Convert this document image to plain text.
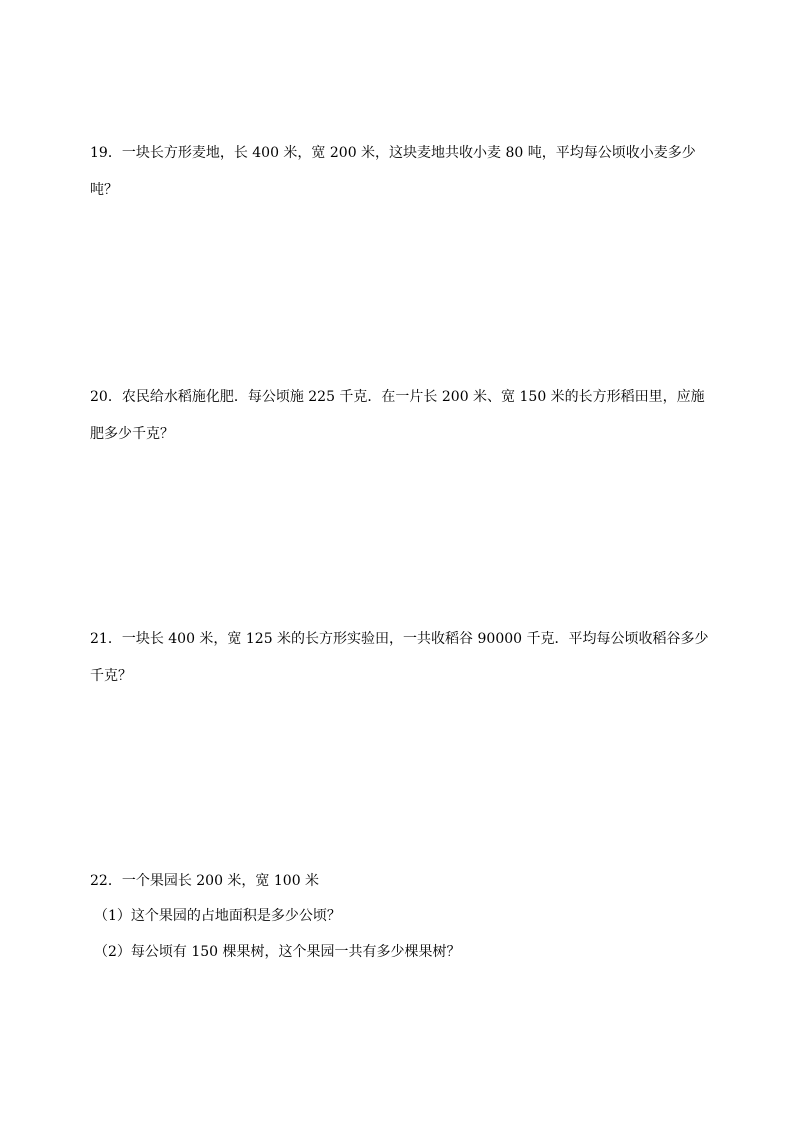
19．一块长方形麦地，长 400 米，宽 200 米，这块麦地共收小麦 80 吨，平均每公顷收小麦多少
吨？
20．农民给水稻施化肥．每公顷施 225 千克．在一片长 200 米、宽 150 米的长方形稻田里，应施
肥多少千克？
21．一块长 400 米，宽 125 米的长方形实验田，一共收稻谷 90000 千克．平均每公顷收稻谷多少
千克？
22．一个果园长 200 米，宽 100 米
（1）这个果园的占地面积是多少公顷？
（2）每公顷有 150 棵果树，这个果园一共有多少棵果树？
